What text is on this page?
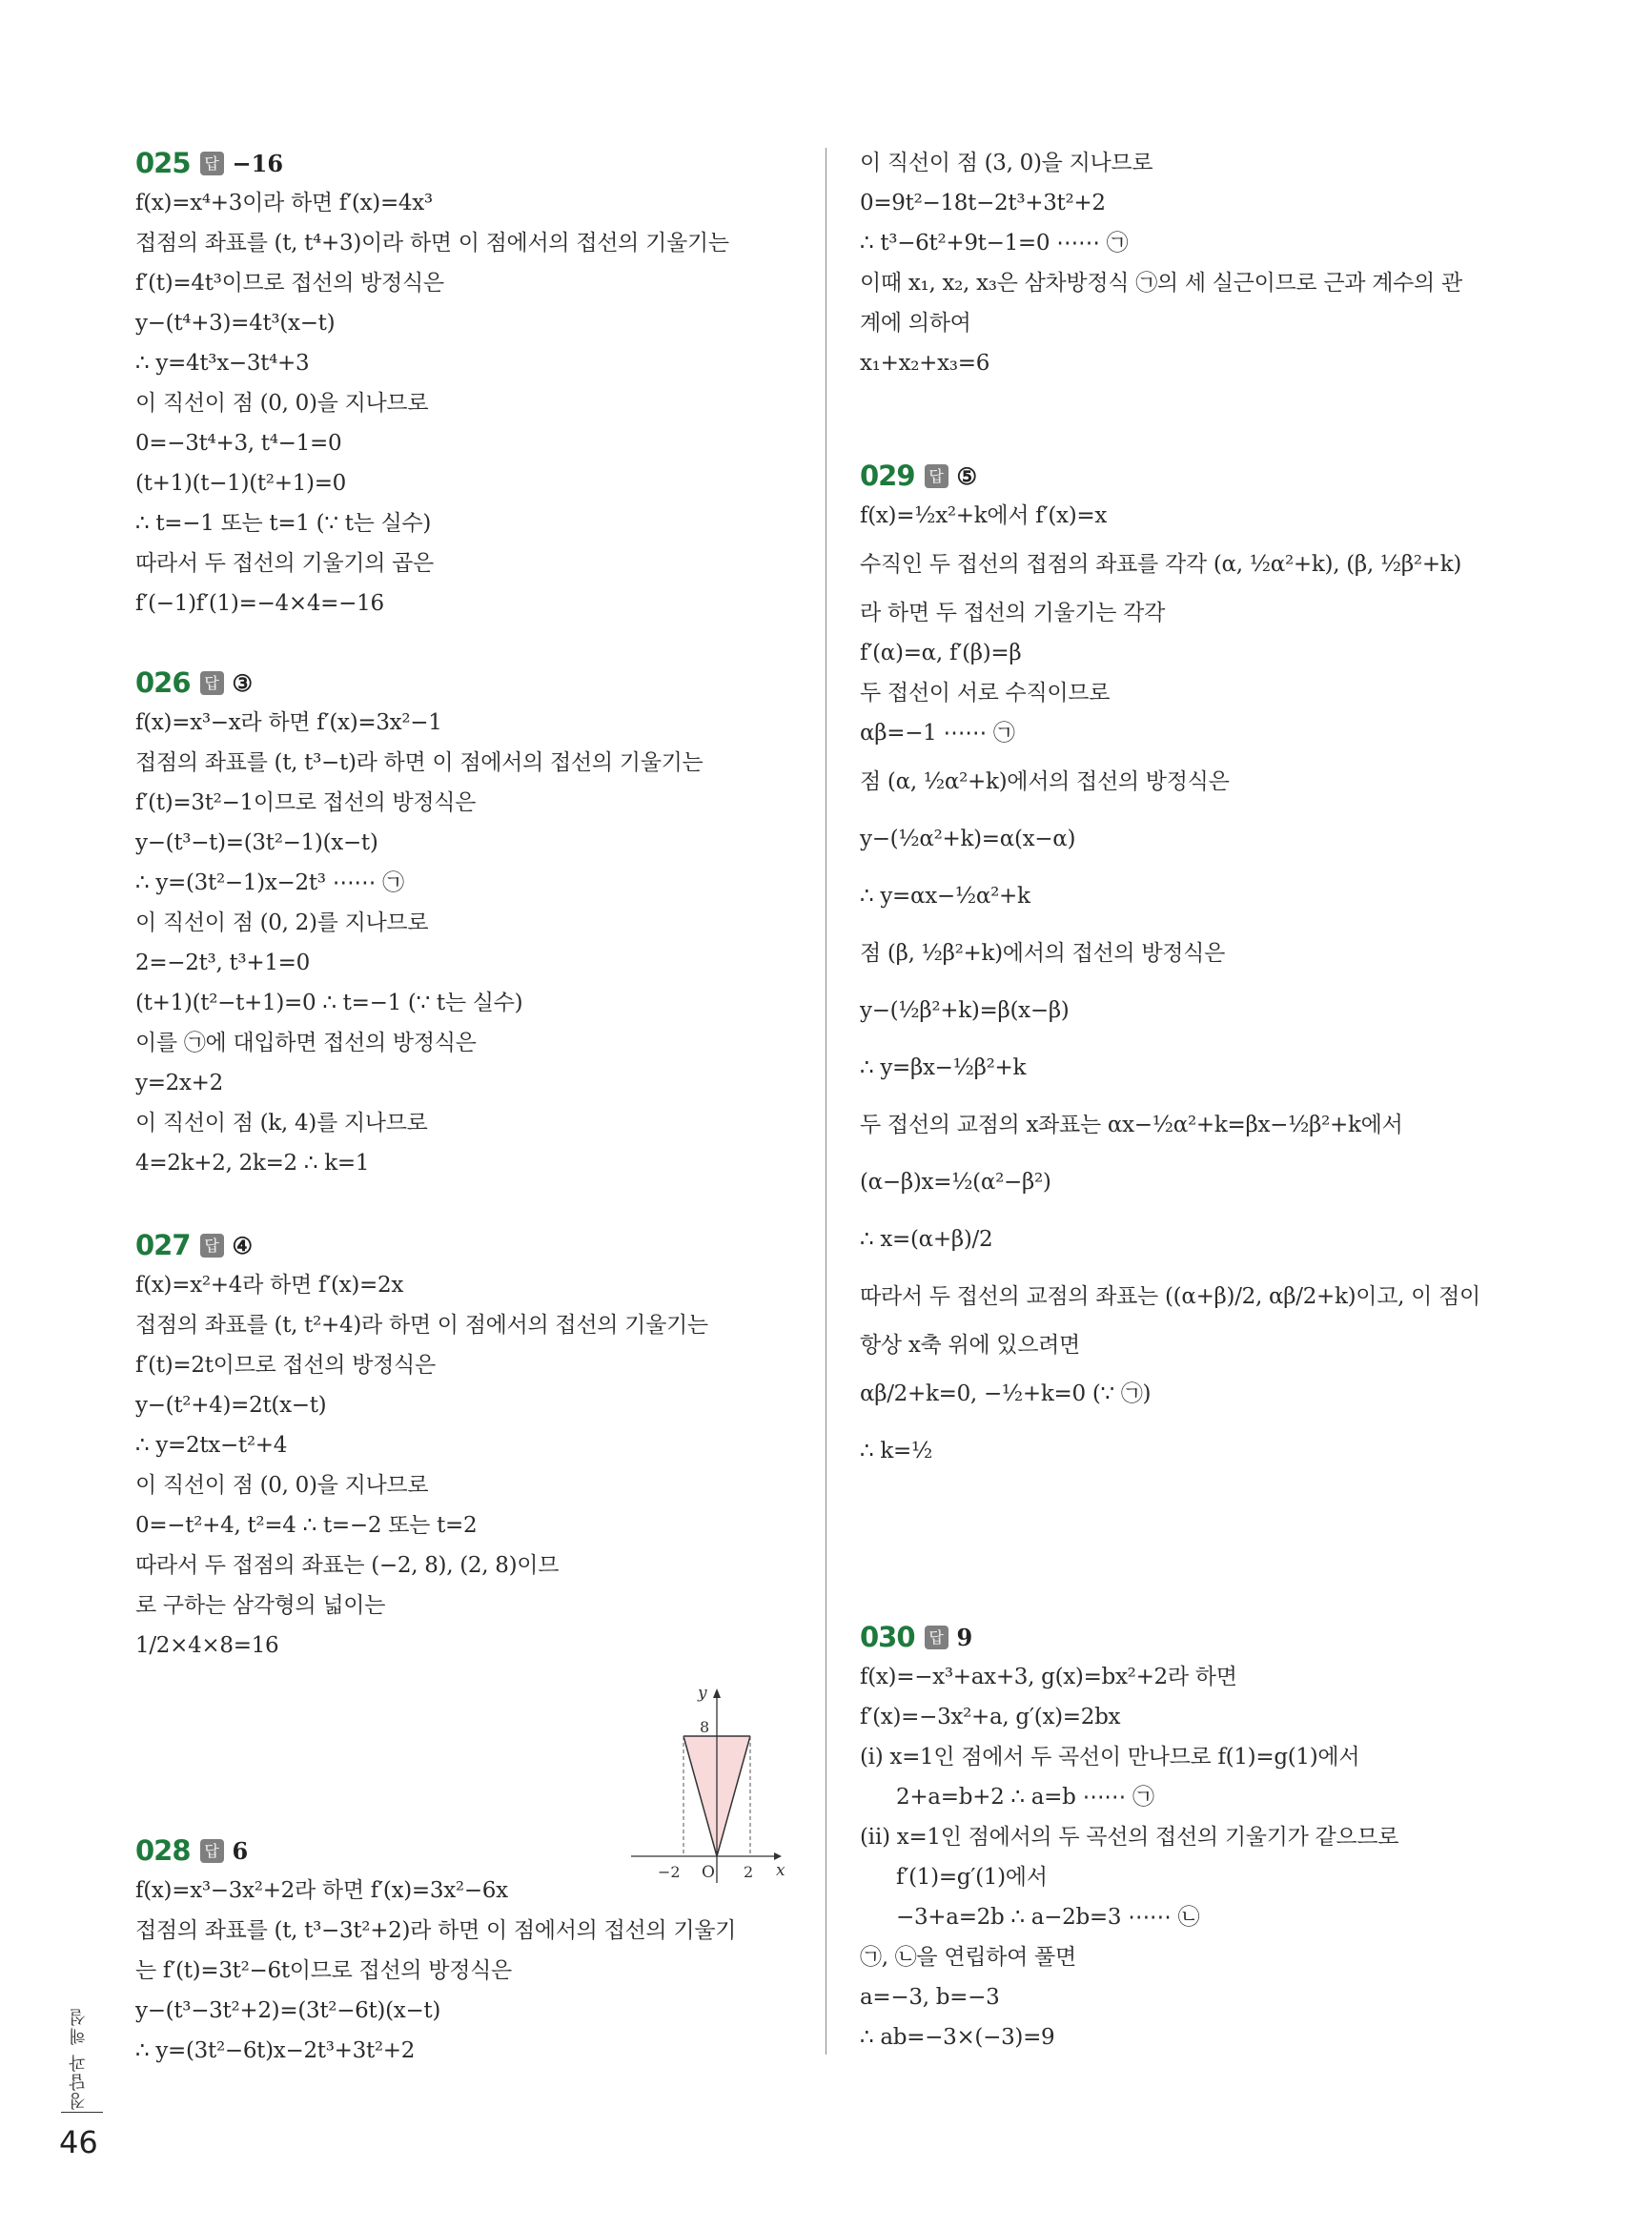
025 답 −16
f(x)=x⁴+3이라 하면 f′(x)=4x³
접점의 좌표를 (t, t⁴+3)이라 하면 이 점에서의 접선의 기울기는
f′(t)=4t³이므로 접선의 방정식은
y−(t⁴+3)=4t³(x−t)
∴ y=4t³x−3t⁴+3
이 직선이 점 (0, 0)을 지나므로
0=−3t⁴+3, t⁴−1=0
(t+1)(t−1)(t²+1)=0
∴ t=−1 또는 t=1 (∵ t는 실수)
따라서 두 접선의 기울기의 곱은
f′(−1)f′(1)=−4×4=−16
026 답 ③
f(x)=x³−x라 하면 f′(x)=3x²−1
접점의 좌표를 (t, t³−t)라 하면 이 점에서의 접선의 기울기는
f′(t)=3t²−1이므로 접선의 방정식은
y−(t³−t)=(3t²−1)(x−t)
∴ y=(3t²−1)x−2t³ ⋯⋯ ㉠
이 직선이 점 (0, 2)를 지나므로
2=−2t³, t³+1=0
(t+1)(t²−t+1)=0 ∴ t=−1 (∵ t는 실수)
이를 ㉠에 대입하면 접선의 방정식은
y=2x+2
이 직선이 점 (k, 4)를 지나므로
4=2k+2, 2k=2 ∴ k=1
027 답 ④
f(x)=x²+4라 하면 f′(x)=2x
접점의 좌표를 (t, t²+4)라 하면 이 점에서의 접선의 기울기는
f′(t)=2t이므로 접선의 방정식은
y−(t²+4)=2t(x−t)
∴ y=2tx−t²+4
이 직선이 점 (0, 0)을 지나므로
0=−t²+4, t²=4 ∴ t=−2 또는 t=2
따라서 두 접점의 좌표는 (−2, 8), (2, 8)이므
로 구하는 삼각형의 넓이는
1/2×4×8=16
y
x
8
O
−2	2
028 답 6
f(x)=x³−3x²+2라 하면 f′(x)=3x²−6x
접점의 좌표를 (t, t³−3t²+2)라 하면 이 점에서의 접선의 기울기
는 f′(t)=3t²−6t이므로 접선의 방정식은
y−(t³−3t²+2)=(3t²−6t)(x−t)
∴ y=(3t²−6t)x−2t³+3t²+2
이 직선이 점 (3, 0)을 지나므로
0=9t²−18t−2t³+3t²+2
∴ t³−6t²+9t−1=0 ⋯⋯ ㉠
이때 x₁, x₂, x₃은 삼차방정식 ㉠의 세 실근이므로 근과 계수의 관
계에 의하여
x₁+x₂+x₃=6
029 답 ⑤
f(x)=½x²+k에서 f′(x)=x
수직인 두 접선의 접점의 좌표를 각각 (α, ½α²+k), (β, ½β²+k)
라 하면 두 접선의 기울기는 각각
f′(α)=α, f′(β)=β
두 접선이 서로 수직이므로
αβ=−1 ⋯⋯ ㉠
점 (α, ½α²+k)에서의 접선의 방정식은
y−(½α²+k)=α(x−α)
∴ y=αx−½α²+k
점 (β, ½β²+k)에서의 접선의 방정식은
y−(½β²+k)=β(x−β)
∴ y=βx−½β²+k
두 접선의 교점의 x좌표는 αx−½α²+k=βx−½β²+k에서
(α−β)x=½(α²−β²)
∴ x=(α+β)/2
따라서 두 접선의 교점의 좌표는 ((α+β)/2, αβ/2+k)이고, 이 점이
항상 x축 위에 있으려면
αβ/2+k=0, −½+k=0 (∵ ㉠)
∴ k=½
030 답 9
f(x)=−x³+ax+3, g(x)=bx²+2라 하면
f′(x)=−3x²+a, g′(x)=2bx
(ⅰ) x=1인 점에서 두 곡선이 만나므로 f(1)=g(1)에서
2+a=b+2 ∴ a=b ⋯⋯ ㉠
(ⅱ) x=1인 점에서의 두 곡선의 접선의 기울기가 같으므로
f′(1)=g′(1)에서
−3+a=2b ∴ a−2b=3 ⋯⋯ ㉡
㉠, ㉡을 연립하여 풀면
a=−3, b=−3
∴ ab=−3×(−3)=9
정답과 해설
46
